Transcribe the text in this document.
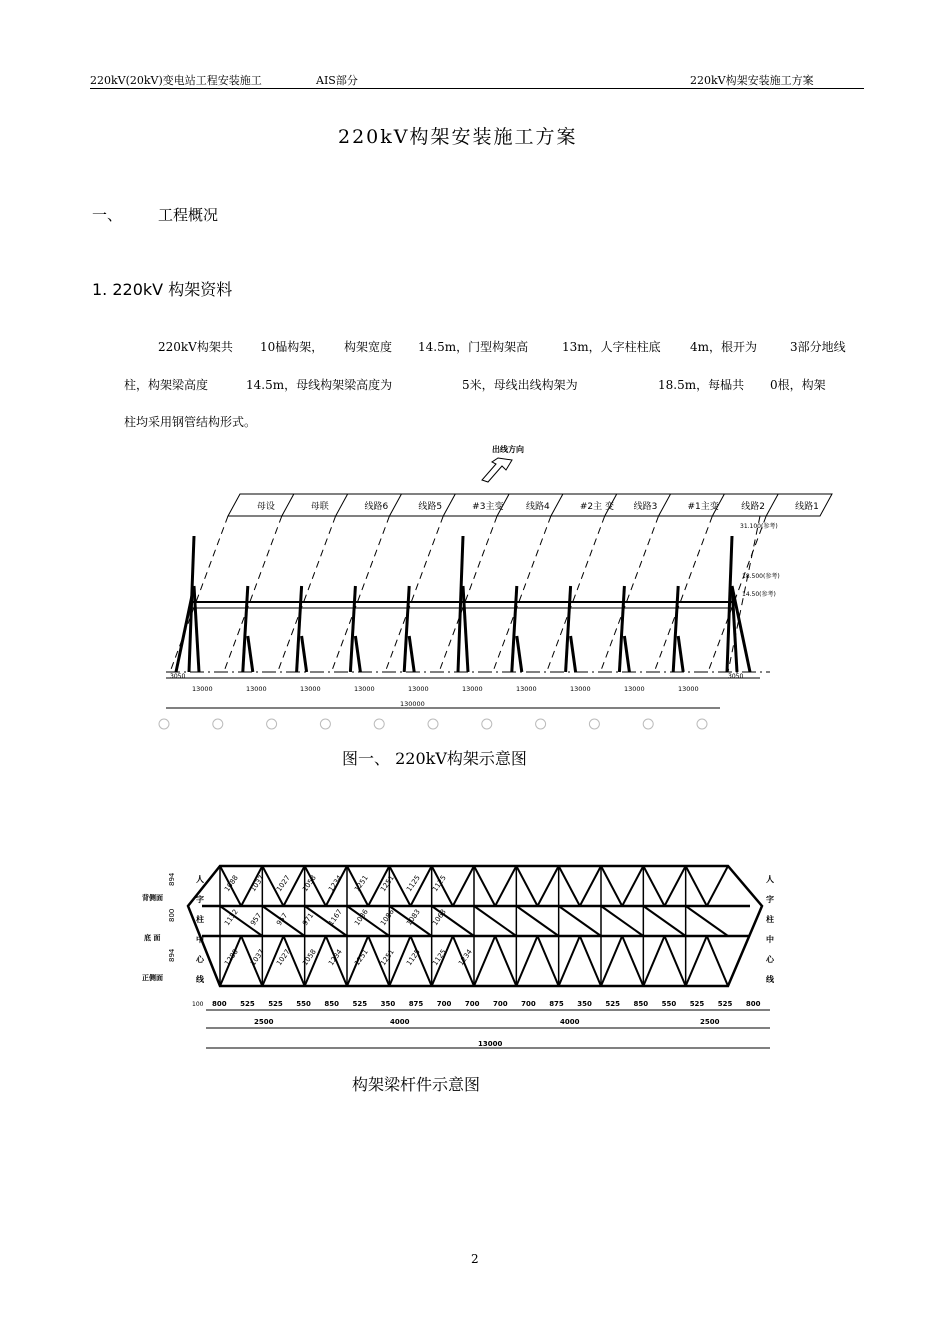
220kV(20kV)变电站工程安装施工	AIS部分	220kV构架安装施工方案
220kV构架安装施工方案
一、 工程概况
1. 220kV 构架资料
220kV构架共 10榀构架， 构架宽度 14.5m，门型构架高	13m，人字柱柱底 4m，根开为	3部分地线
柱，构架梁高度	14.5m，母线构架梁高度为	5米，母线出线构架为	18.5m，每榀共 0根，构架
柱均采用钢管结构形式。
出线方向
母设	母联	线路6	线路5	#3主变	线路4	#2主 变 线路3	#1主变	线路2	线路1
13000	13000	13000	13000	13000	13000	13000	13000	13000	13000
130000
3050	3050
31.100(参考)
18.500(参考)
14.50(参考)
图一、 220kV构架示意图
1088 1037 1027 1058 1234 1251 1251 1125 1125
1132 957 957 971 1167 1086 1086 1083 1063
1288 1037 1027 1058 1234 1251 1251 1125 1125 1234
背侧面
底 面
正侧面
894
800
894
人
字
柱
中
心
线
人
字
柱
中
心
线
800 525 525 550 850 525 350 875 700 700 700 700 875 350 525 850 550 525 525 800
2500	4000	4000	2500
13000
100
构架梁杆件示意图
2
